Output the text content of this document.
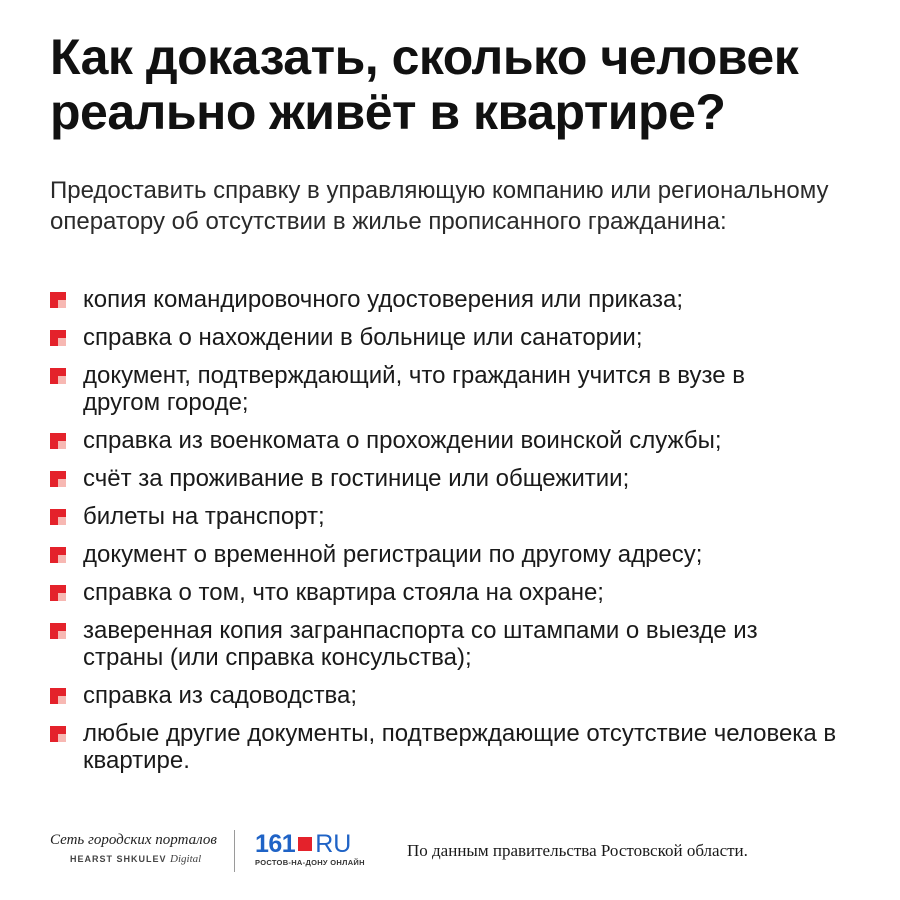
Как доказать, сколько человек реально живёт в квартире?
Предоставить справку в управляющую компанию или региональному оператору об отсутствии в жилье прописанного гражданина:
копия командировочного удостоверения или приказа;
справка о нахождении в больнице или санатории;
документ, подтверждающий, что гражданин учится в вузе в другом городе;
справка из военкомата о прохождении воинской службы;
счёт за проживание в гостинице или общежитии;
билеты на транспорт;
документ о временной регистрации по другому адресу;
справка о том, что квартира стояла на охране;
заверенная копия загранпаспорта со штампами о выезде из страны (или справка консульства);
справка из садоводства;
любые другие документы, подтверждающие отсутствие человека в квартире.
Сеть городских порталов
HEARST SHKULEV Digital
161 RU
РОСТОВ-НА-ДОНУ ОНЛАЙН
По данным правительства Ростовской области.
